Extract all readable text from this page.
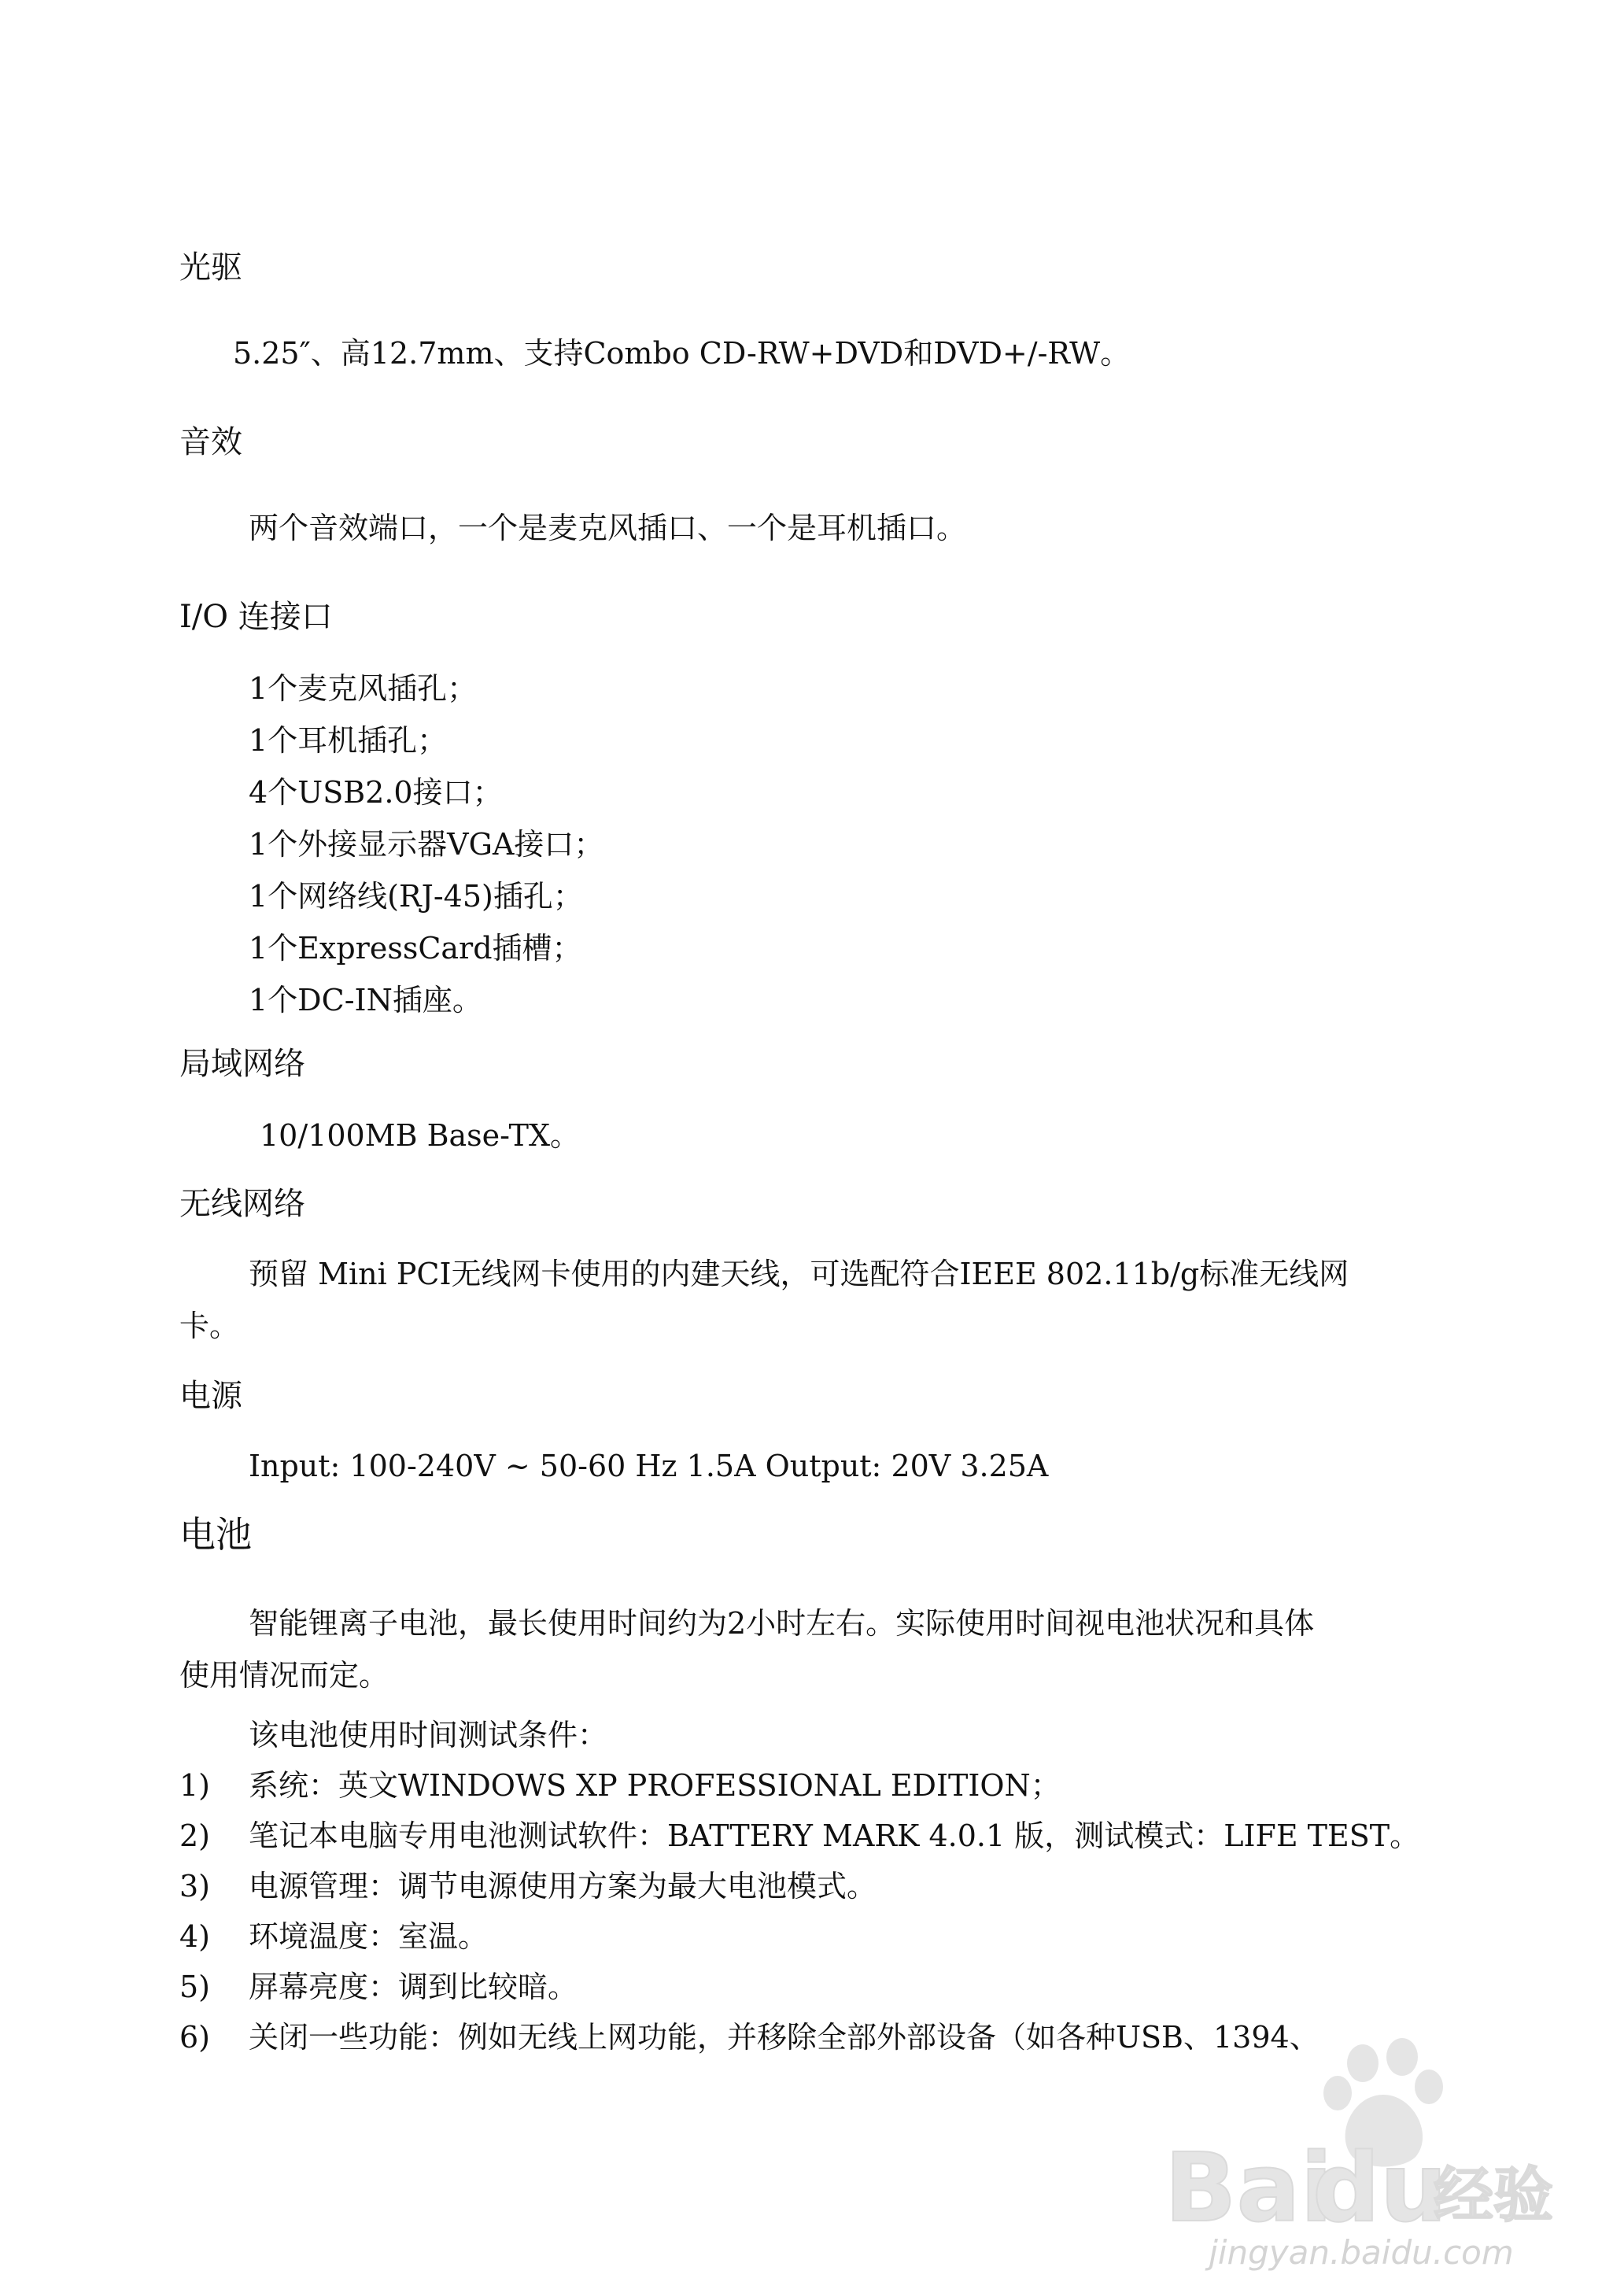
光驱
5.25″、高12.7mm、支持Combo CD-RW+DVD和DVD+/-RW。
音效
两个音效端口，一个是麦克风插口、一个是耳机插口。
I/O 连接口
1个麦克风插孔；
1个耳机插孔；
4个USB2.0接口；
1个外接显示器VGA接口；
1个网络线(RJ-45)插孔；
1个ExpressCard插槽；
1个DC-IN插座。
局域网络
10/100MB Base-TX。
无线网络
预留 Mini PCI无线网卡使用的内建天线，可选配符合IEEE 802.11b/g标准无线网
卡。
电源
Input: 100-240V ~ 50-60 Hz 1.5A Output: 20V 3.25A
电池
智能锂离子电池，最长使用时间约为2小时左右。实际使用时间视电池状况和具体
使用情况而定。
该电池使用时间测试条件：
1) 系统：英文WINDOWS XP PROFESSIONAL EDITION；
2) 笔记本电脑专用电池测试软件：BATTERY MARK 4.0.1 版，测试模式：LIFE TEST。
3) 电源管理：调节电源使用方案为最大电池模式。
4) 环境温度：室温。
5) 屏幕亮度：调到比较暗。
6) 关闭一些功能：例如无线上网功能，并移除全部外部设备（如各种USB、1394、
Bai
du
经验
jingyan.baidu.com
